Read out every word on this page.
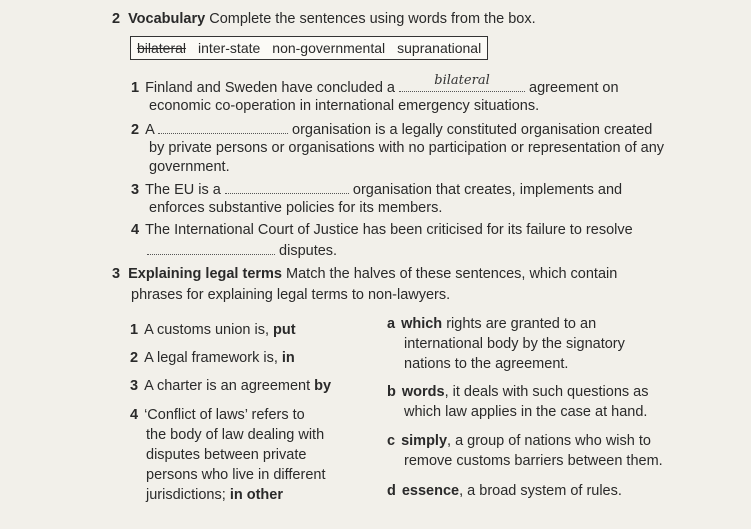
2 Vocabulary Complete the sentences using words from the box.
bilateral inter-state non-governmental supranational
1 Finland and Sweden have concluded a	bilateral	agreement on
economic co-operation in international emergency situations.
2 A	organisation is a legally constituted organisation created
by private persons or organisations with no participation or representation of any
government.
3 The EU is a	organisation that creates, implements and
enforces substantive policies for its members.
4 The International Court of Justice has been criticised for its failure to resolve
disputes.
3 Explaining legal terms Match the halves of these sentences, which contain
phrases for explaining legal terms to non-lawyers.
1 A customs union is, put
2 A legal framework is, in
3 A charter is an agreement by
4 ‘Conflict of laws’ refers to
the body of law dealing with
disputes between private
persons who live in different
jurisdictions; in other
a which rights are granted to an
international body by the signatory
nations to the agreement.
b words, it deals with such questions as
which law applies in the case at hand.
c simply, a group of nations who wish to
remove customs barriers between them.
d essence, a broad system of rules.
